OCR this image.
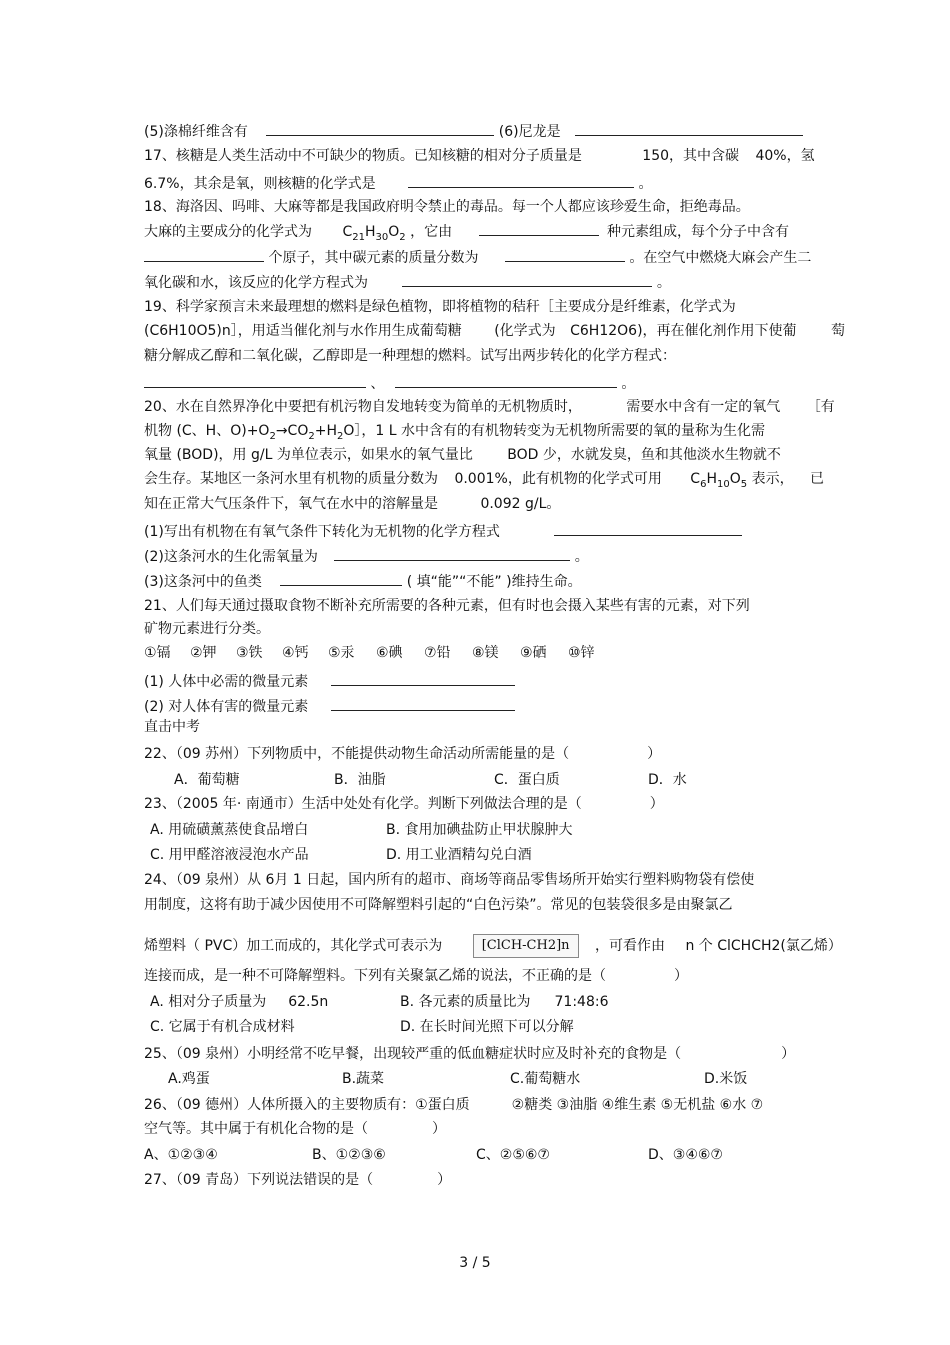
(5)涤棉纤维含有	(6)尼龙是
17、核糖是人类生活动中不可缺少的物质。已知核糖的相对分子质量是	150，其中含碳 40%，氢
6.7%，其余是氧，则核糖的化学式是	。
18、海洛因、吗啡、大麻等都是我国政府明令禁止的毒品。每一个人都应该珍爱生命，拒绝毒品。
大麻的主要成分的化学式为 $C_{21}H_{30}O_2$ ，它由	种元素组成，每个分子中含有
个原子，其中碳元素的质量分数为	。在空气中燃烧大麻会产生二
氧化碳和水，该反应的化学方程式为	。
19、科学家预言未来最理想的燃料是绿色植物，即将植物的秸秆［主要成分是纤维素，化学式为
(C6H10O5)n］，用适当催化剂与水作用生成葡萄糖 (化学式为 C6H12O6)，再在催化剂作用下使葡 萄
糖分解成乙醇和二氧化碳，乙醇即是一种理想的燃料。试写出两步转化的化学方程式：
、	。
20、水在自然界净化中要把有机污物自发地转变为简单的无机物质时，	需要水中含有一定的氧气 ［有
机物 (C、H、$O)+O_2\to CO_2+H_2O]$，1 L 水中含有的有机物转变为无机物所需要的氧的量称为生化需
氧量 (BOD)，用 g/L 为单位表示，如果水的氧气量比 BOD 少，水就发臭，鱼和其他淡水生物就不
会生存。某地区一条河水里有机物的质量分数为 0.001%，此有机物的化学式可用 $C_6H_{10}O_5$ 表示， 已
知在正常大气压条件下，氧气在水中的溶解量是	0.092 g/L。
(1)写出有机物在有氧气条件下转化为无机物的化学方程式
(2)这条河水的生化需氧量为	。
(3)这条河中的鱼类	( 填“能”“不能” )维持生命。
21、人们每天通过摄取食物不断补充所需要的各种元素，但有时也会摄入某些有害的元素，对下列
矿物元素进行分类。
①镉 ②钾 ③铁 ④钙 ⑤汞 ⑥碘 ⑦铅 ⑧镁 ⑨硒 ⑩锌
(1) 人体中必需的微量元素
(2) 对人体有害的微量元素
直击中考
22、（09 苏州）下列物质中，不能提供动物生命活动所需能量的是（	）
A．葡萄糖	B．油脂	C．蛋白质	D．水
23、（2005 年· 南通市）生活中处处有化学。判断下列做法合理的是（	）
A. 用硫磺薰蒸使食品增白	B. 食用加碘盐防止甲状腺肿大
C. 用甲醛溶液浸泡水产品	D. 用工业酒精勾兑白酒
24、（09 泉州）从 6月 1 日起，国内所有的超市、商场等商品零售场所开始实行塑料购物袋有偿使
用制度，这将有助于减少因使用不可降解塑料引起的“白色污染”。常见的包装袋很多是由聚氯乙
烯塑料（ PVC）加工而成的，其化学式可表示为	[ClCH-CH2]n ，可看作由 n 个 ClCHCH2(氯乙烯）
连接而成，是一种不可降解塑料。下列有关聚氯乙烯的说法，不正确的是（	）
A. 相对分子质量为 62.5n	B. 各元素的质量比为 71:48:6
C. 它属于有机合成材料	D. 在长时间光照下可以分解
25、（09 泉州）小明经常不吃早餐，出现较严重的低血糖症状时应及时补充的食物是（	）
A.鸡蛋	B.蔬菜	C.葡萄糖水	D.米饭
26、（09 德州）人体所摄入的主要物质有：①蛋白质	②糖类 ③油脂 ④维生素 ⑤无机盐 ⑥水 ⑦
空气等。其中属于有机化合物的是（	）
A、①②③④	B、①②③⑥	C、②⑤⑥⑦	D、③④⑥⑦
27、（09 青岛）下列说法错误的是（	）
3 / 5
